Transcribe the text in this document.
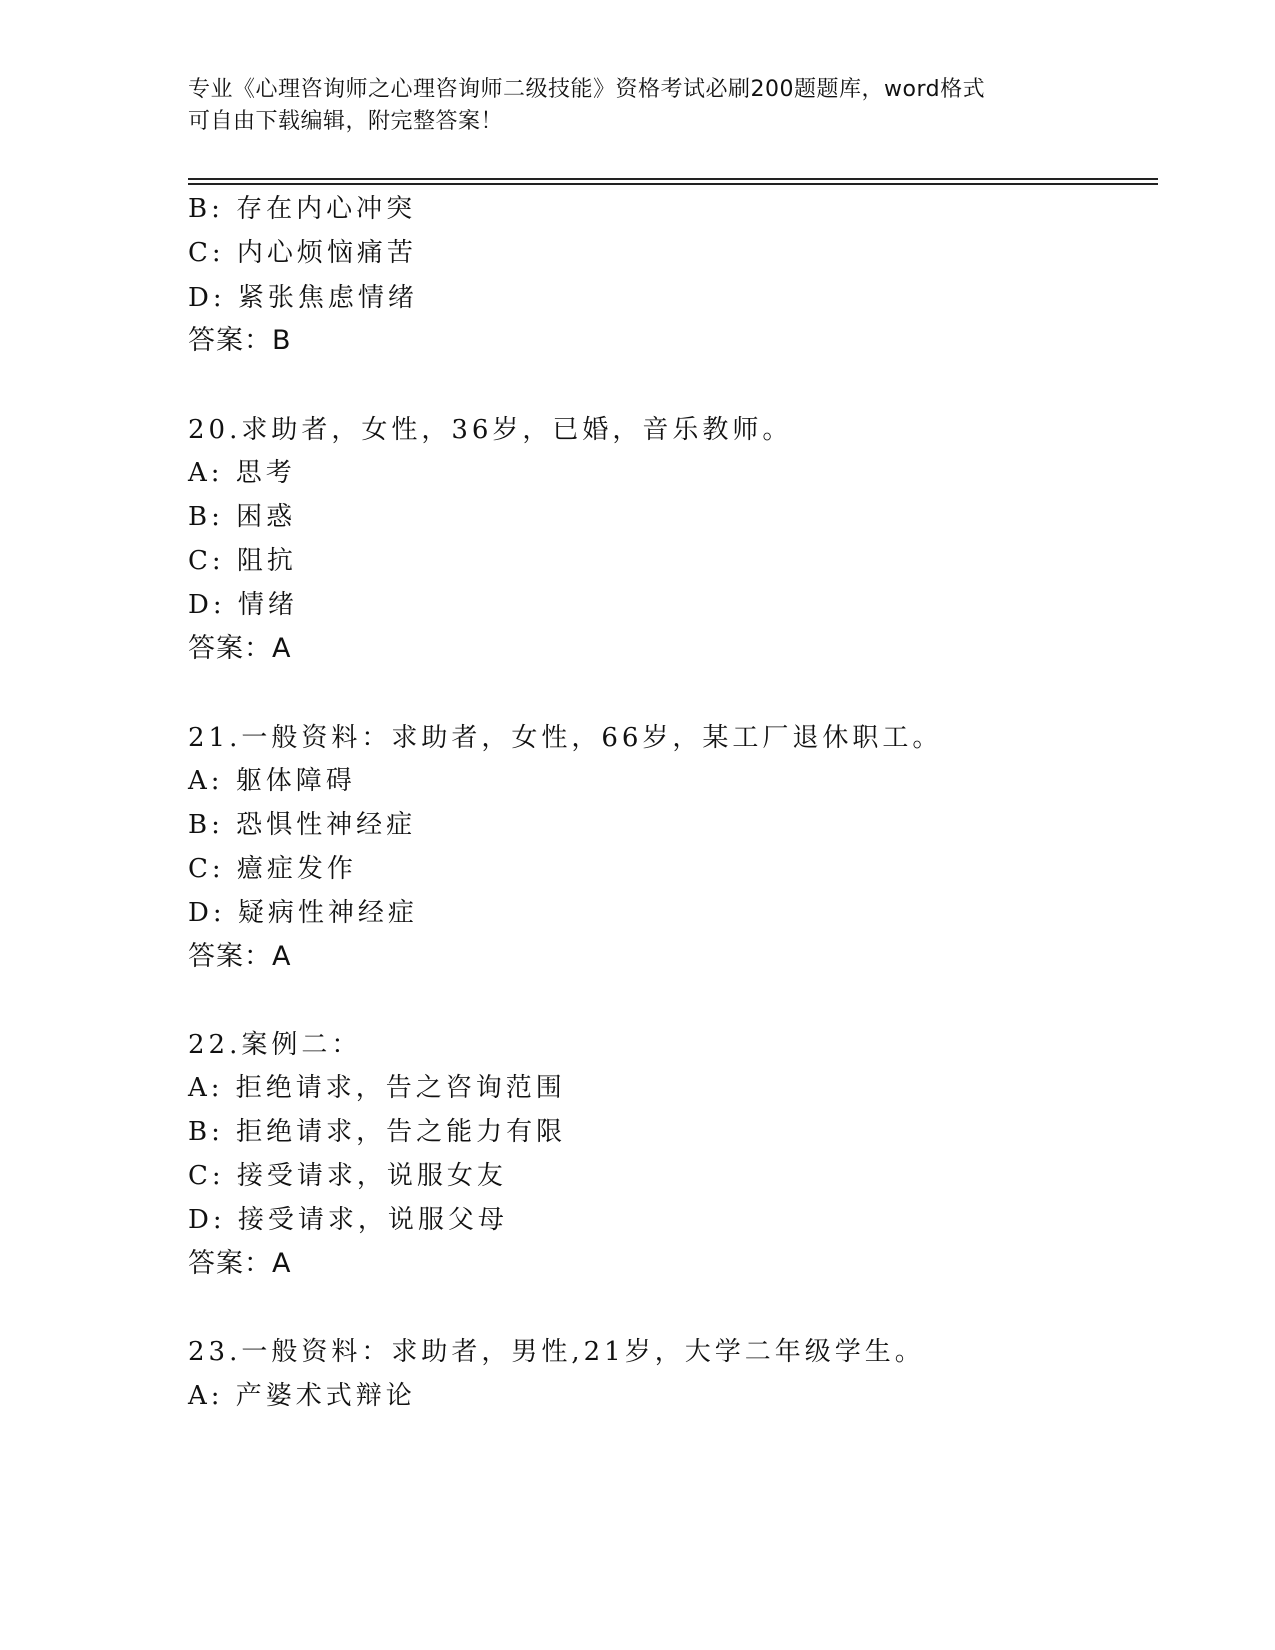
专业《心理咨询师之心理咨询师二级技能》资格考试必刷200题题库，word格式
可自由下载编辑，附完整答案！
B: 存在内心冲突
C: 内心烦恼痛苦
D: 紧张焦虑情绪
答案：B
20.求助者，女性，36岁，已婚，音乐教师。
A: 思考
B: 困惑
C: 阻抗
D: 情绪
答案：A
21.一般资料：求助者，女性，66岁，某工厂退休职工。
A: 躯体障碍
B: 恐惧性神经症
C: 癔症发作
D: 疑病性神经症
答案：A
22.案例二：
A: 拒绝请求，告之咨询范围
B: 拒绝请求，告之能力有限
C: 接受请求，说服女友
D: 接受请求，说服父母
答案：A
23.一般资料：求助者，男性,21岁，大学二年级学生。
A: 产婆术式辩论
